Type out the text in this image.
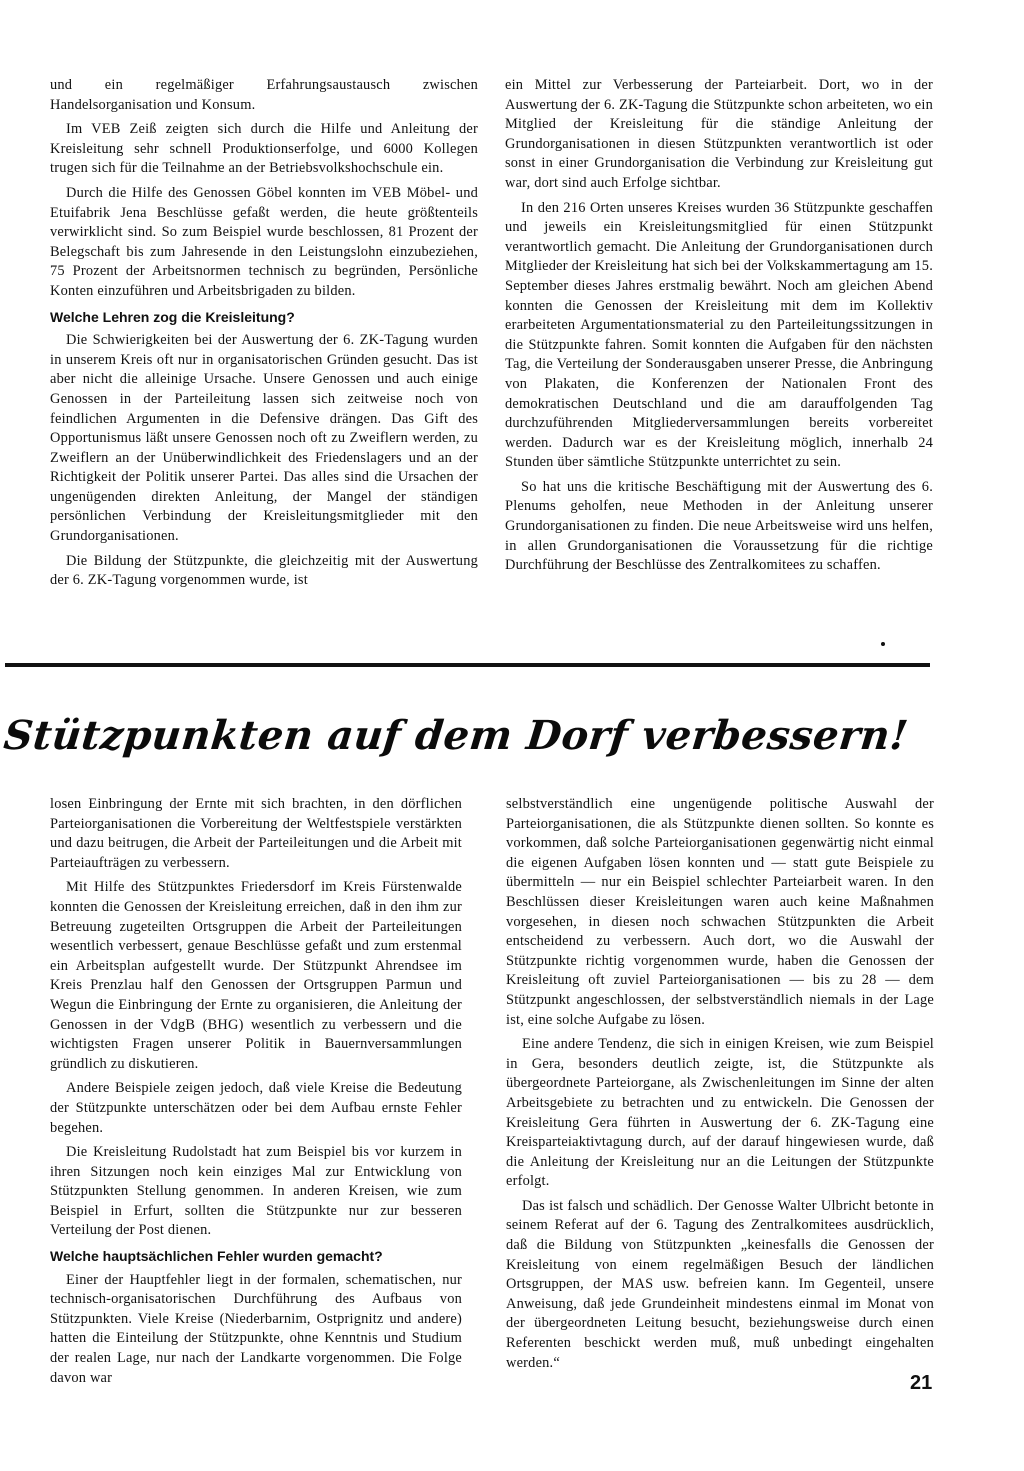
und ein regelmäßiger Erfahrungsaustausch zwischen Handelsorganisation und Konsum.

Im VEB Zeiß zeigten sich durch die Hilfe und Anleitung der Kreisleitung sehr schnell Produktionserfolge, und 6000 Kollegen trugen sich für die Teilnahme an der Betriebsvolkshochschule ein.

Durch die Hilfe des Genossen Göbel konnten im VEB Möbel- und Etuifabrik Jena Beschlüsse gefaßt werden, die heute größtenteils verwirklicht sind. So zum Beispiel wurde beschlossen, 81 Prozent der Belegschaft bis zum Jahresende in den Leistungslohn einzubeziehen, 75 Prozent der Arbeitsnormen technisch zu begründen, Persönliche Konten einzuführen und Arbeitsbrigaden zu bilden.

Welche Lehren zog die Kreisleitung?

Die Schwierigkeiten bei der Auswertung der 6. ZK-Tagung wurden in unserem Kreis oft nur in organisatorischen Gründen gesucht. Das ist aber nicht die alleinige Ursache. Unsere Genossen und auch einige Genossen in der Parteileitung lassen sich zeitweise noch von feindlichen Argumenten in die Defensive drängen. Das Gift des Opportunismus läßt unsere Genossen noch oft zu Zweiflern werden, zu Zweiflern an der Unüberwindlichkeit des Friedenslagers und an der Richtigkeit der Politik unserer Partei. Das alles sind die Ursachen der ungenügenden direkten Anleitung, der Mangel der ständigen persönlichen Verbindung der Kreisleitungsmitglieder mit den Grundorganisationen.

Die Bildung der Stützpunkte, die gleichzeitig mit der Auswertung der 6. ZK-Tagung vorgenommen wurde, ist

ein Mittel zur Verbesserung der Parteiarbeit. Dort, wo in der Auswertung der 6. ZK-Tagung die Stützpunkte schon arbeiteten, wo ein Mitglied der Kreisleitung für die ständige Anleitung der Grundorganisationen in diesen Stützpunkten verantwortlich ist oder sonst in einer Grundorganisation die Verbindung zur Kreisleitung gut war, dort sind auch Erfolge sichtbar.

In den 216 Orten unseres Kreises wurden 36 Stützpunkte geschaffen und jeweils ein Kreisleitungsmitglied für einen Stützpunkt verantwortlich gemacht. Die Anleitung der Grundorganisationen durch Mitglieder der Kreisleitung hat sich bei der Volkskammertagung am 15. September dieses Jahres erstmalig bewährt. Noch am gleichen Abend konnten die Genossen der Kreisleitung mit dem im Kollektiv erarbeiteten Argumentationsmaterial zu den Parteileitungssitzungen in die Stützpunkte fahren. Somit konnten die Aufgaben für den nächsten Tag, die Verteilung der Sonderausgaben unserer Presse, die Anbringung von Plakaten, die Konferenzen der Nationalen Front des demokratischen Deutschland und die am darauffolgenden Tag durchzuführenden Mitgliederversammlungen bereits vorbereitet werden. Dadurch war es der Kreisleitung möglich, innerhalb 24 Stunden über sämtliche Stützpunkte unterrichtet zu sein.

So hat uns die kritische Beschäftigung mit der Auswertung des 6. Plenums geholfen, neue Methoden in der Anleitung unserer Grundorganisationen zu finden. Die neue Arbeitsweise wird uns helfen, in allen Grundorganisationen die Voraussetzung für die richtige Durchführung der Beschlüsse des Zentralkomitees zu schaffen.

Stützpunkten auf dem Dorf verbessern!

losen Einbringung der Ernte mit sich brachten, in den dörflichen Parteiorganisationen die Vorbereitung der Weltfestspiele verstärkten und dazu beitrugen, die Arbeit der Parteileitungen und die Arbeit mit Parteiaufträgen zu verbessern.

Mit Hilfe des Stützpunktes Friedersdorf im Kreis Fürstenwalde konnten die Genossen der Kreisleitung erreichen, daß in den ihm zur Betreuung zugeteilten Ortsgruppen die Arbeit der Parteileitungen wesentlich verbessert, genaue Beschlüsse gefaßt und zum erstenmal ein Arbeitsplan aufgestellt wurde. Der Stützpunkt Ahrendsee im Kreis Prenzlau half den Genossen der Ortsgruppen Parmun und Wegun die Einbringung der Ernte zu organisieren, die Anleitung der Genossen in der VdgB (BHG) wesentlich zu verbessern und die wichtigsten Fragen unserer Politik in Bauernversammlungen gründlich zu diskutieren.

Andere Beispiele zeigen jedoch, daß viele Kreise die Bedeutung der Stützpunkte unterschätzen oder bei dem Aufbau ernste Fehler begehen.

Die Kreisleitung Rudolstadt hat zum Beispiel bis vor kurzem in ihren Sitzungen noch kein einziges Mal zur Entwicklung von Stützpunkten Stellung genommen. In anderen Kreisen, wie zum Beispiel in Erfurt, sollten die Stützpunkte nur zur besseren Verteilung der Post dienen.

Welche hauptsächlichen Fehler wurden gemacht?

Einer der Hauptfehler liegt in der formalen, schematischen, nur technisch-organisatorischen Durchführung des Aufbaus von Stützpunkten. Viele Kreise (Niederbarnim, Ostprignitz und andere) hatten die Einteilung der Stützpunkte, ohne Kenntnis und Studium der realen Lage, nur nach der Landkarte vorgenommen. Die Folge davon war

selbstverständlich eine ungenügende politische Auswahl der Parteiorganisationen, die als Stützpunkte dienen sollten. So konnte es vorkommen, daß solche Parteiorganisationen gegenwärtig nicht einmal die eigenen Aufgaben lösen konnten und — statt gute Beispiele zu übermitteln — nur ein Beispiel schlechter Parteiarbeit waren. In den Beschlüssen dieser Kreisleitungen waren auch keine Maßnahmen vorgesehen, in diesen noch schwachen Stützpunkten die Arbeit entscheidend zu verbessern. Auch dort, wo die Auswahl der Stützpunkte richtig vorgenommen wurde, haben die Genossen der Kreisleitung oft zuviel Parteiorganisationen — bis zu 28 — dem Stützpunkt angeschlossen, der selbstverständlich niemals in der Lage ist, eine solche Aufgabe zu lösen.

Eine andere Tendenz, die sich in einigen Kreisen, wie zum Beispiel in Gera, besonders deutlich zeigte, ist, die Stützpunkte als übergeordnete Parteiorgane, als Zwischenleitungen im Sinne der alten Arbeitsgebiete zu betrachten und zu entwickeln. Die Genossen der Kreisleitung Gera führten in Auswertung der 6. ZK-Tagung eine Kreisparteiaktivtagung durch, auf der darauf hingewiesen wurde, daß die Anleitung der Kreisleitung nur an die Leitungen der Stützpunkte erfolgt.

Das ist falsch und schädlich. Der Genosse Walter Ulbricht betonte in seinem Referat auf der 6. Tagung des Zentralkomitees ausdrücklich, daß die Bildung von Stützpunkten „keinesfalls die Genossen der Kreisleitung von einem regelmäßigen Besuch der ländlichen Ortsgruppen, der MAS usw. befreien kann. Im Gegenteil, unsere Anweisung, daß jede Grundeinheit mindestens einmal im Monat von der übergeordneten Leitung besucht, beziehungsweise durch einen Referenten beschickt werden muß, muß unbedingt eingehalten werden.“

21
